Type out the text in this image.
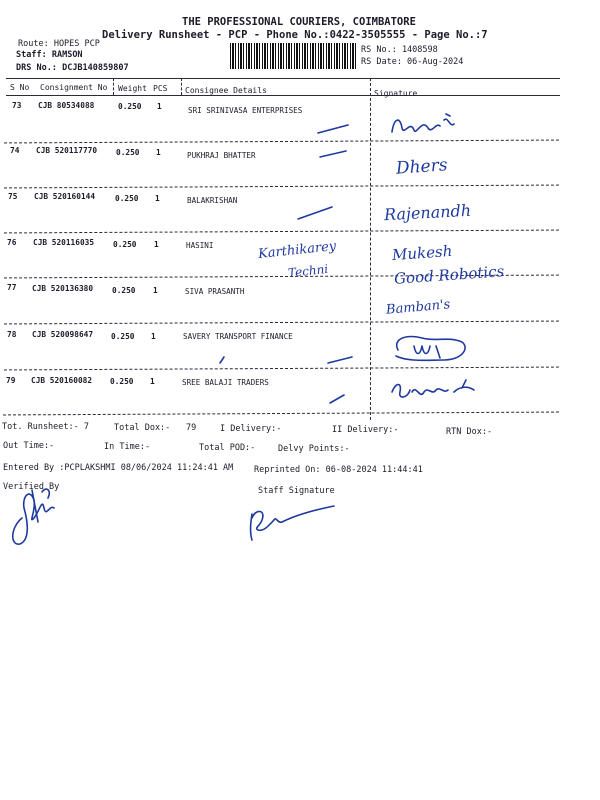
THE PROFESSIONAL COURIERS, COIMBATORE
Delivery Runsheet - PCP - Phone No.:0422-3505555 - Page No.:7
Route: HOPES PCP
Staff: RAMSON
DRS No.: DCJB140859807
RS No.: 1408598
RS Date: 06-Aug-2024
S No Consignment No Weight PCS Consignee Details	Signature
73 CJB 80534088	0.250 1	SRI SRINIVASA ENTERPRISES
74 CJB 520117770 0.250 1	PUKHRAJ BHATTER
75 CJB 520160144	0.250 1	BALAKRISHAN
76 CJB 520116035 0.250 1	HASINI
77 CJB 520136380 0.250 1	SIVA PRASANTH
78 CJB 520098647 0.250 1	SAVERY TRANSPORT FINANCE
79 CJB 520160082 0.250 1	SREE BALAJI TRADERS
Dhers
Rajenandh
Karthikarey
Techni
Mukesh
Good Robotics
Bamban's
Tot. Runsheet:- 7	Total Dox:- 79	I Delivery:-	II Delivery:-	RTN Dox:-
Out Time:-	In Time:-	Total POD:-	Delvy Points:-
Entered By :PCPLAKSHMI 08/06/2024 11:24:41 AM Reprinted On: 06-08-2024 11:44:41
Verified By	Staff Signature
